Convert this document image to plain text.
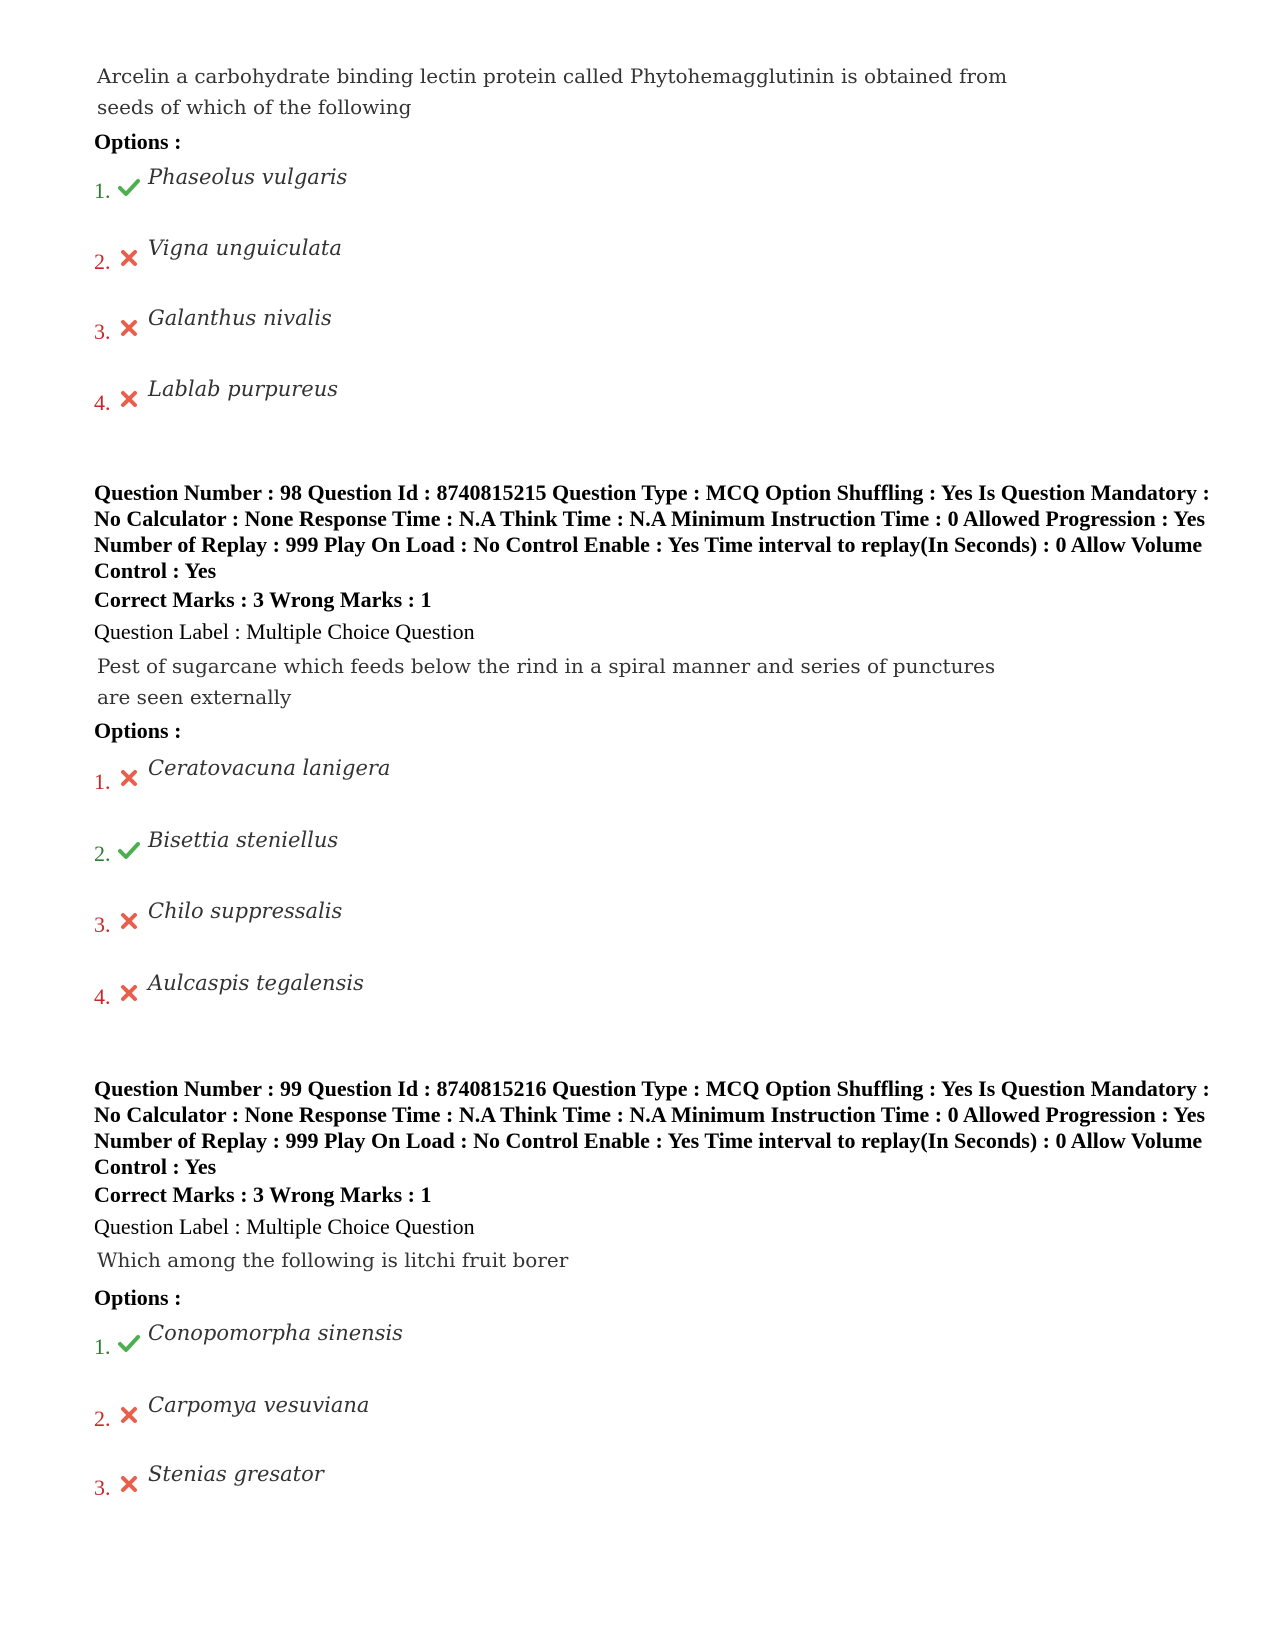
Arcelin a carbohydrate binding lectin protein called Phytohemagglutinin is obtained from
seeds of which of the following
Options :
1.
Phaseolus vulgaris
2.
Vigna unguiculata
3.
Galanthus nivalis
4.
Lablab purpureus
Question Number : 98 Question Id : 8740815215 Question Type : MCQ Option Shuffling : Yes Is Question Mandatory : No Calculator : None Response Time : N.A Think Time : N.A Minimum Instruction Time : 0 Allowed Progression : Yes Number of Replay : 999 Play On Load : No Control Enable : Yes Time interval to replay(In Seconds) : 0 Allow Volume Control : Yes
Correct Marks : 3 Wrong Marks : 1
Question Label : Multiple Choice Question
Pest of sugarcane which feeds below the rind in a spiral manner and series of punctures
are seen externally
Options :
1.
Ceratovacuna lanigera
2.
Bisettia steniellus
3.
Chilo suppressalis
4.
Aulcaspis tegalensis
Question Number : 99 Question Id : 8740815216 Question Type : MCQ Option Shuffling : Yes Is Question Mandatory : No Calculator : None Response Time : N.A Think Time : N.A Minimum Instruction Time : 0 Allowed Progression : Yes Number of Replay : 999 Play On Load : No Control Enable : Yes Time interval to replay(In Seconds) : 0 Allow Volume Control : Yes
Correct Marks : 3 Wrong Marks : 1
Question Label : Multiple Choice Question
Which among the following is litchi fruit borer
Options :
1.
Conopomorpha sinensis
2.
Carpomya vesuviana
3.
Stenias gresator
